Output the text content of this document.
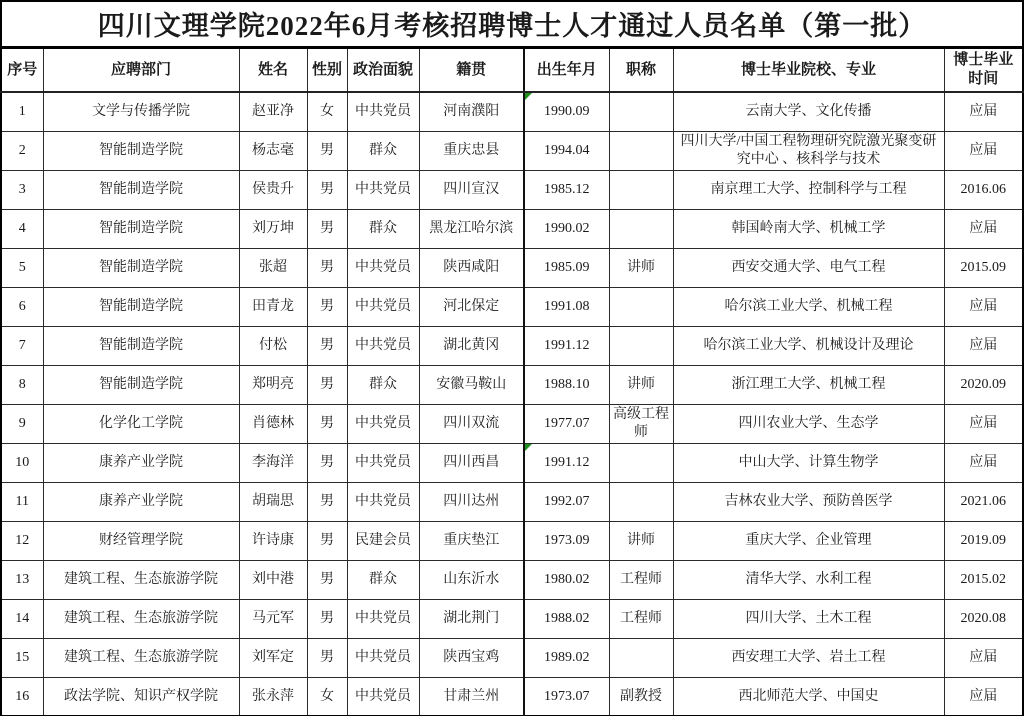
四川文理学院2022年6月考核招聘博士人才通过人员名单（第一批）									
序号	应聘部门	姓名	性别	政治面貌	籍贯	出生年月	职称	博士毕业院校、专业	博士毕业时间
1	文学与传播学院	赵亚净	女	中共党员	河南濮阳	1990.09		云南大学、文化传播	应届
2	智能制造学院	杨志毫	男	群众	重庆忠县	1994.04		四川大学/中国工程物理研究院激光聚变研究中心 、核科学与技术	应届
3	智能制造学院	侯贵升	男	中共党员	四川宣汉	1985.12		南京理工大学、控制科学与工程	2016.06
4	智能制造学院	刘万坤	男	群众	黑龙江哈尔滨	1990.02		韩国岭南大学、机械工学	应届
5	智能制造学院	张超	男	中共党员	陕西咸阳	1985.09	讲师	西安交通大学、电气工程	2015.09
6	智能制造学院	田青龙	男	中共党员	河北保定	1991.08		哈尔滨工业大学、机械工程	应届
7	智能制造学院	付松	男	中共党员	湖北黄冈	1991.12		哈尔滨工业大学、机械设计及理论	应届
8	智能制造学院	郑明亮	男	群众	安徽马鞍山	1988.10	讲师	浙江理工大学、机械工程	2020.09
9	化学化工学院	肖德林	男	中共党员	四川双流	1977.07	高级工程师	四川农业大学、生态学	应届
10	康养产业学院	李海洋	男	中共党员	四川西昌	1991.12		中山大学、计算生物学	应届
11	康养产业学院	胡瑞思	男	中共党员	四川达州	1992.07		吉林农业大学、预防兽医学	2021.06
12	财经管理学院	许诗康	男	民建会员	重庆垫江	1973.09	讲师	重庆大学、企业管理	2019.09
13	建筑工程、生态旅游学院	刘中港	男	群众	山东沂水	1980.02	工程师	清华大学、水利工程	2015.02
14	建筑工程、生态旅游学院	马元军	男	中共党员	湖北荆门	1988.02	工程师	四川大学、土木工程	2020.08
15	建筑工程、生态旅游学院	刘军定	男	中共党员	陕西宝鸡	1989.02		西安理工大学、岩土工程	应届
16	政法学院、知识产权学院	张永萍	女	中共党员	甘肃兰州	1973.07	副教授	西北师范大学、中国史	应届
